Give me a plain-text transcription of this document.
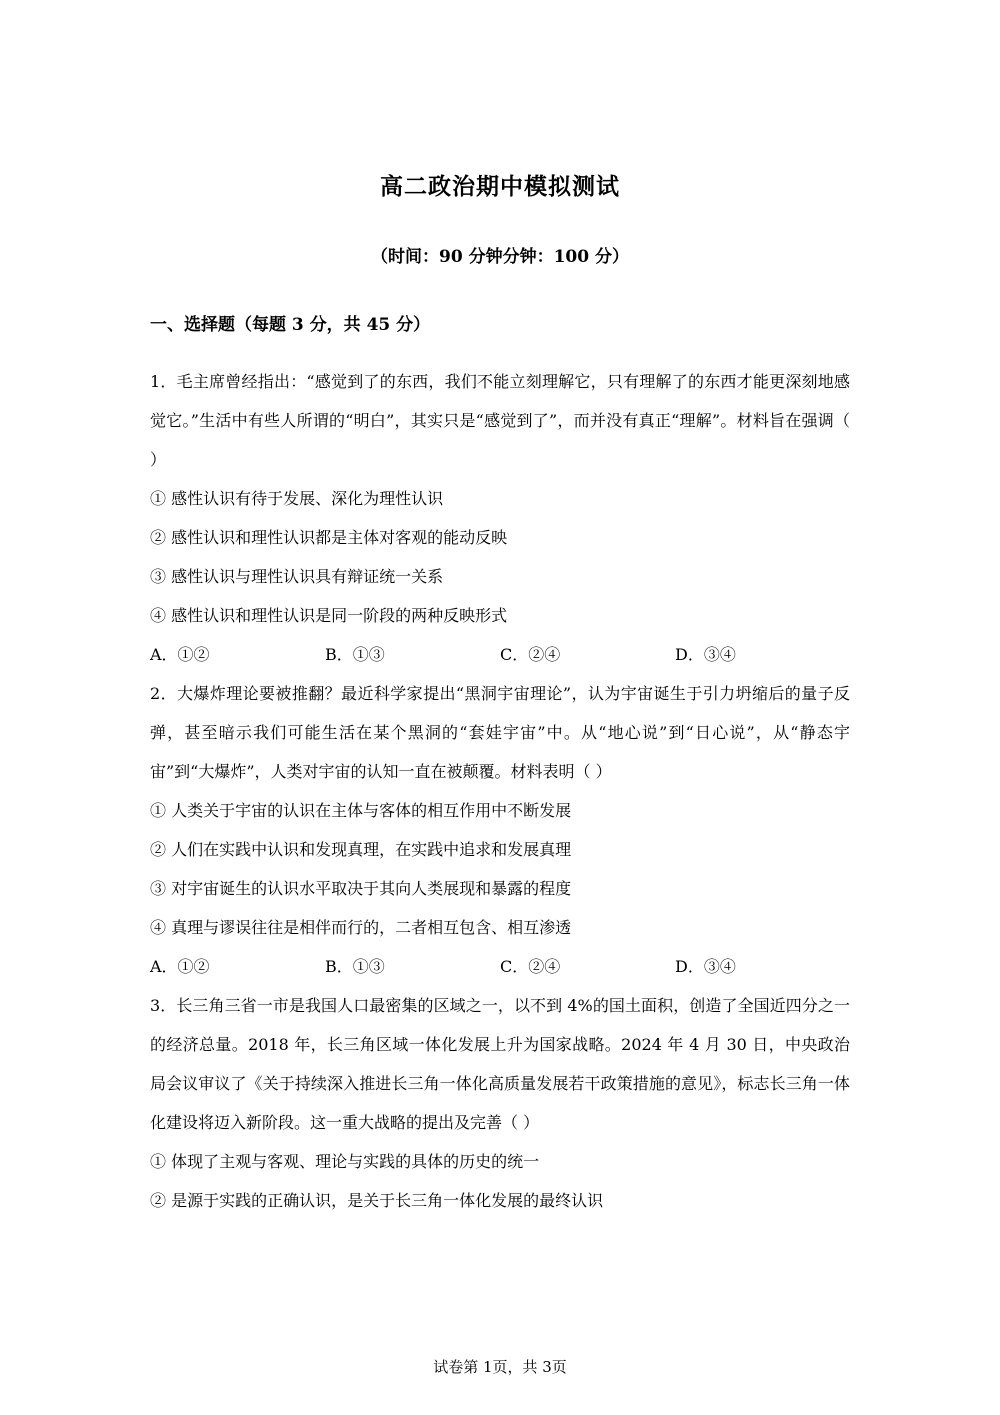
高二政治期中模拟测试
（时间：90 分钟分钟：100 分）
一、选择题（每题 3 分，共 45 分）

1．毛主席曾经指出：“感觉到了的东西，我们不能立刻理解它，只有理解了的东西才能更深刻地感觉它。”生活中有些人所谓的“明白”，其实只是“感觉到了”，而并没有真正“理解”。材料旨在强调（ ）

① 感性认识有待于发展、深化为理性认识

② 感性认识和理性认识都是主体对客观的能动反映

③ 感性认识与理性认识具有辩证统一关系

④ 感性认识和理性认识是同一阶段的两种反映形式

A．①②	B．①③	C．②④	D．③④

2．大爆炸理论要被推翻？最近科学家提出“黑洞宇宙理论”，认为宇宙诞生于引力坍缩后的量子反弹，甚至暗示我们可能生活在某个黑洞的“套娃宇宙”中。从“地心说”到“日心说”，从“静态宇宙”到“大爆炸”，人类对宇宙的认知一直在被颠覆。材料表明（ ）

① 人类关于宇宙的认识在主体与客体的相互作用中不断发展

② 人们在实践中认识和发现真理，在实践中追求和发展真理

③ 对宇宙诞生的认识水平取决于其向人类展现和暴露的程度

④ 真理与谬误往往是相伴而行的，二者相互包含、相互渗透

A．①②	B．①③	C．②④	D．③④

3．长三角三省一市是我国人口最密集的区域之一，以不到 4%的国土面积，创造了全国近四分之一的经济总量。2018 年，长三角区域一体化发展上升为国家战略。2024 年 4 月 30 日，中央政治局会议审议了《关于持续深入推进长三角一体化高质量发展若干政策措施的意见》，标志长三角一体化建设将迈入新阶段。这一重大战略的提出及完善（ ）

① 体现了主观与客观、理论与实践的具体的历史的统一

② 是源于实践的正确认识，是关于长三角一体化发展的最终认识

试卷第 1页，共 3页
